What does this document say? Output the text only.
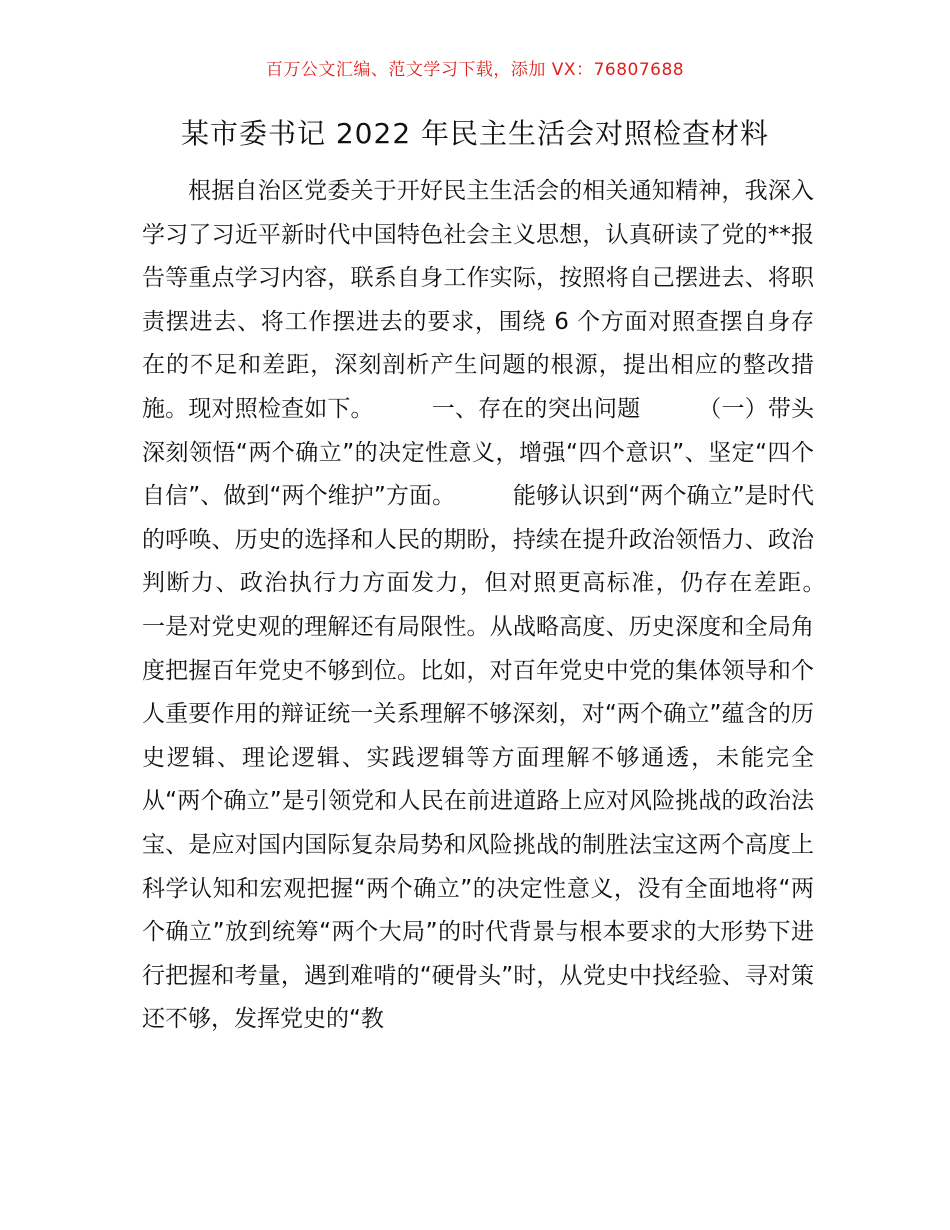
百万公文汇编、范文学习下载，添加 VX：76807688
某市委书记 2022 年民主生活会对照检查材料
根据自治区党委关于开好民主生活会的相关通知精神，我深入学习了习近平新时代中国特色社会主义思想，认真研读了党的**报告等重点学习内容，联系自身工作实际，按照将自己摆进去、将职责摆进去、将工作摆进去的要求，围绕 6 个方面对照查摆自身存在的不足和差距，深刻剖析产生问题的根源，提出相应的整改措施。现对照检查如下。　　　一、存在的突出问题　　　（一）带头深刻领悟“两个确立”的决定性意义，增强“四个意识”、坚定“四个自信”、做到“两个维护”方面。　　　能够认识到“两个确立”是时代的呼唤、历史的选择和人民的期盼，持续在提升政治领悟力、政治判断力、政治执行力方面发力，但对照更高标准，仍存在差距。　　　一是对党史观的理解还有局限性。从战略高度、历史深度和全局角度把握百年党史不够到位。比如，对百年党史中党的集体领导和个人重要作用的辩证统一关系理解不够深刻，对“两个确立”蕴含的历史逻辑、理论逻辑、实践逻辑等方面理解不够通透，未能完全从“两个确立”是引领党和人民在前进道路上应对风险挑战的政治法宝、是应对国内国际复杂局势和风险挑战的制胜法宝这两个高度上科学认知和宏观把握“两个确立”的决定性意义，没有全面地将“两个确立”放到统筹“两个大局”的时代背景与根本要求的大形势下进行把握和考量，遇到难啃的“硬骨头”时，从党史中找经验、寻对策还不够，发挥党史的“教
